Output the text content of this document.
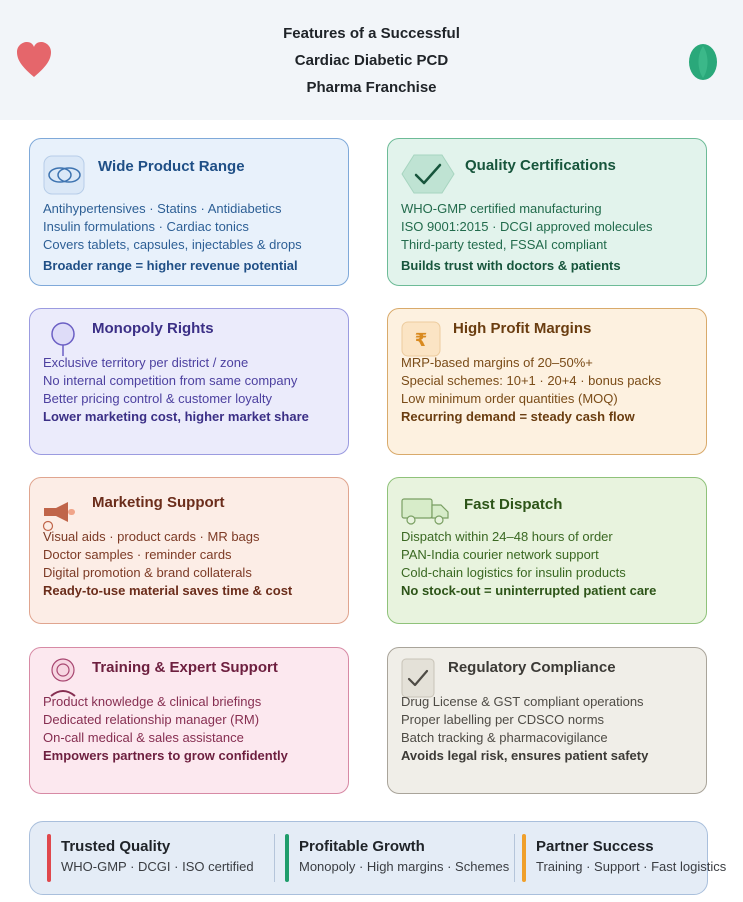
Features of a Successful
Cardiac Diabetic PCD
Pharma Franchise
Wide Product Range
Antihypertensives · Statins · Antidiabetics
Insulin formulations · Cardiac tonics
Covers tablets, capsules, injectables & drops
Broader range = higher revenue potential
Quality Certifications
WHO-GMP certified manufacturing
ISO 9001:2015 · DCGI approved molecules
Third-party tested, FSSAI compliant
Builds trust with doctors & patients
Monopoly Rights
Exclusive territory per district / zone
No internal competition from same company
Better pricing control & customer loyalty
Lower marketing cost, higher market share
₹
High Profit Margins
MRP-based margins of 20–50%+
Special schemes: 10+1 · 20+4 · bonus packs
Low minimum order quantities (MOQ)
Recurring demand = steady cash flow
Marketing Support
Visual aids · product cards · MR bags
Doctor samples · reminder cards
Digital promotion & brand collaterals
Ready-to-use material saves time & cost
Fast Dispatch
Dispatch within 24–48 hours of order
PAN-India courier network support
Cold-chain logistics for insulin products
No stock-out = uninterrupted patient care
Training & Expert Support
Product knowledge & clinical briefings
Dedicated relationship manager (RM)
On-call medical & sales assistance
Empowers partners to grow confidently
Regulatory Compliance
Drug License & GST compliant operations
Proper labelling per CDSCO norms
Batch tracking & pharmacovigilance
Avoids legal risk, ensures patient safety
Trusted Quality
WHO-GMP · DCGI · ISO certified
Profitable Growth
Monopoly · High margins · Schemes
Partner Success
Training · Support · Fast logistics
